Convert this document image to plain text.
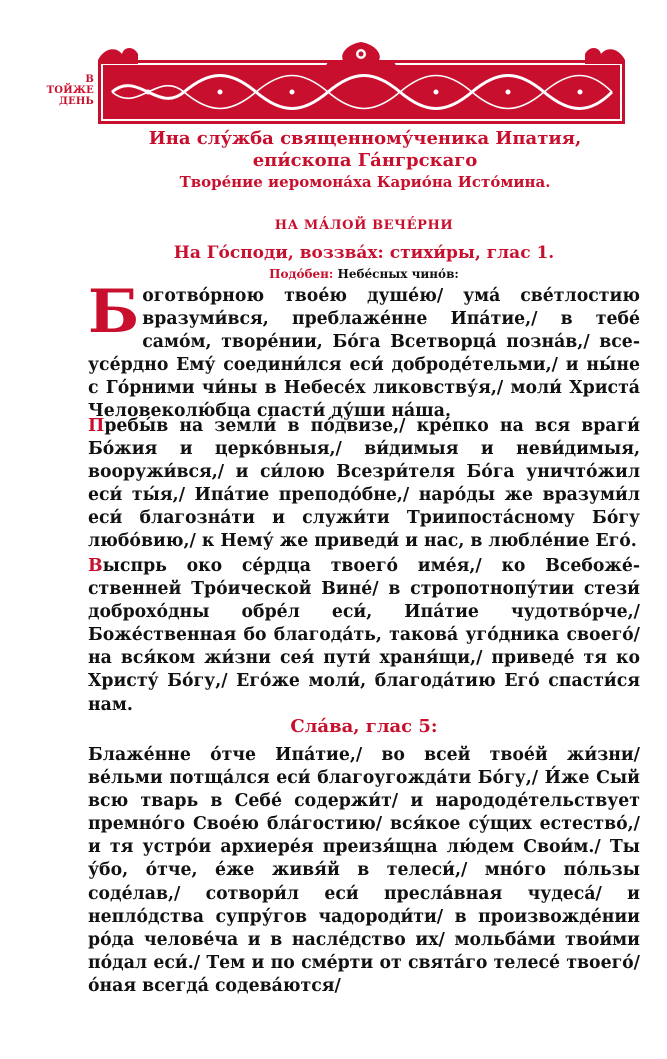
В
ТОЙЖЕ
ДЕНЬ
Ина слу́жба священному́ченика Ипатия,
епи́скопа Га́нгрскаго
Творе́ние иеромона́ха Карио́на Исто́мина.
НА МА́ЛОЙ ВЕЧЕ́РНИ
На Го́споди, воззва́х: стихи́ры, глас 1.
Подо́бен: Небе́сных чино́в:
Б оготво́рною твое́ю душе́ю/ ума́ све́тлостию вразуми́вся, преблаже́нне Ипа́тие,/ в тебе́ само́м, творе́нии, Бо́га Всетворца́ позна́в,/ всеусе́рдно Ему́ соедини́лся еси́ доброде́тельми,/ и ны́не с Го́рними чи́ны в Небесе́х ликовству́я,/ моли́ Христа́ Человеколю́бца спасти́ ду́ши на́ша.
Пребы́в на земли́ в по́двизе,/ кре́пко на вся враги́ Бо́жия и церко́вныя,/ ви́димыя и неви́димыя, вооружи́вся,/ и си́лою Всезри́теля Бо́га уничто́жил еси́ ты́я,/ Ипа́тие преподо́бне,/ наро́ды же вразуми́л еси́ благозна́ти и служи́ти Триипоста́сному Бо́гу любо́вию,/ к Нему́ же приведи́ и нас, в любле́ние Его́.
Выспрь око се́рдца твоего́ име́я,/ ко Всебоже́ственней Тро́ической Вине́/ в стропотнопу́тии стези́ доброхо́дны обре́л еси́, Ипа́тие чудотво́рче,/ Боже́ственная бо благода́ть, такова́ уго́дника своего́/ на вся́ком жи́зни сея́ пути́ храня́щи,/ приведе́ тя ко Христу́ Бо́гу,/ Его́же моли́, благода́тию Его́ спасти́ся нам.
Сла́ва, глас 5:
Блаже́нне о́тче Ипа́тие,/ во всей твое́й жи́зни/ ве́льми потща́лся еси́ благоугожда́ти Бо́гу,/ И́же Сый всю тварь в Себе́ содержи́т/ и народоде́тельствует премно́го Свое́ю бла́гостию/ вся́кое су́щих естество́,/ и тя устро́и архиере́я преизя́щна лю́дем Свои́м./ Ты у́бо, о́тче, е́же живя́й в телеси́,/ мно́го по́льзы соде́лав,/ сотвори́л еси́ пресла́вная чудеса́/ и непло́дства супру́гов чадороди́ти/ в произвожде́нии ро́да челове́ча и в насле́дство их/ мольба́ми твои́ми по́дал еси́./ Тем и по сме́рти от свята́го телесе́ твоего́/ о́ная всегда́ содева́ются/
